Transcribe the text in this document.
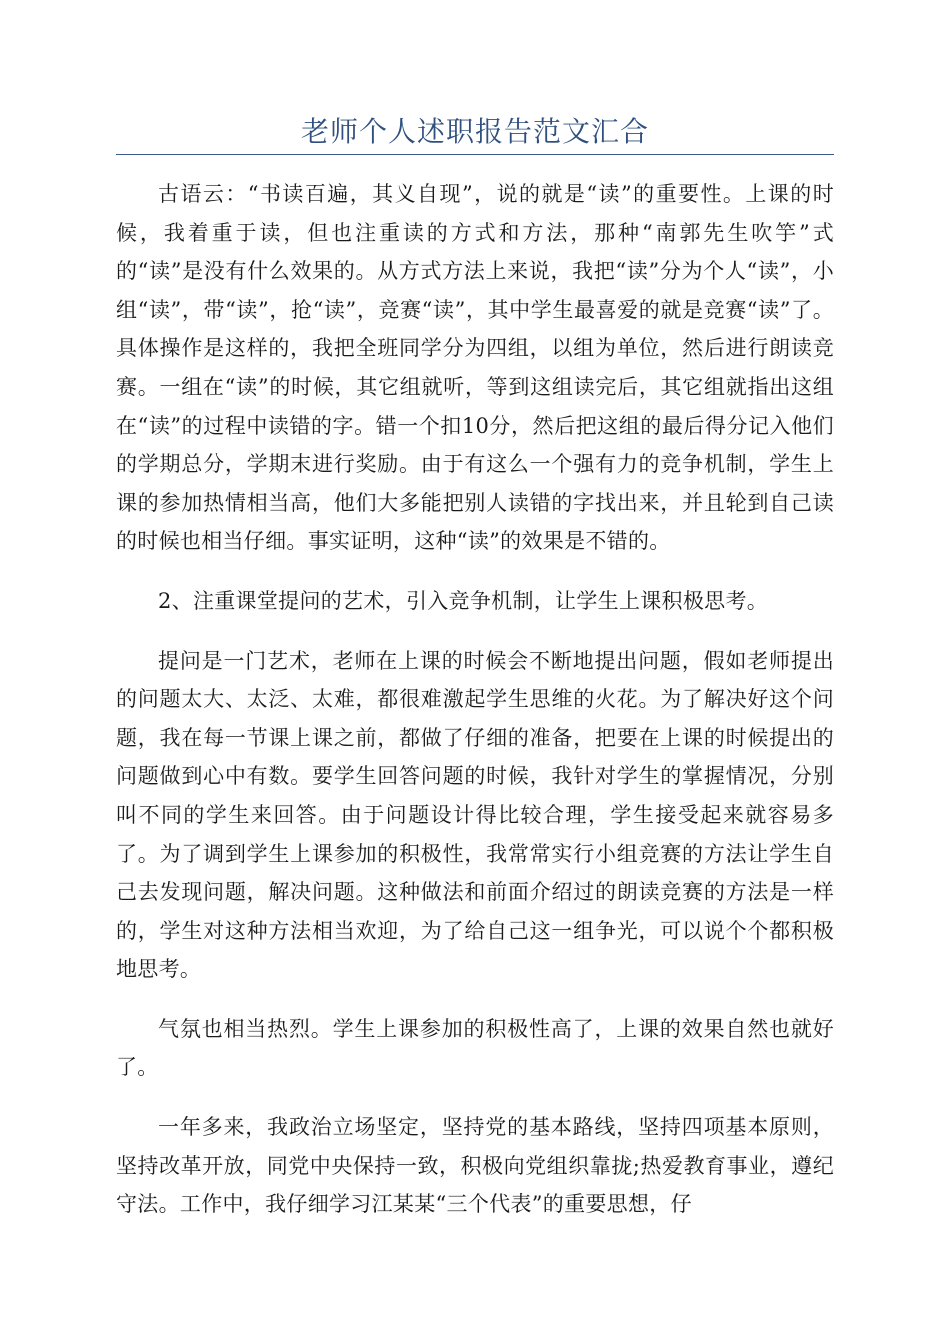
老师个人述职报告范文汇合

古语云：“书读百遍，其义自现”，说的就是“读”的重要性。上课的时候，我着重于读，但也注重读的方式和方法，那种“南郭先生吹竽”式的“读”是没有什么效果的。从方式方法上来说，我把“读”分为个人“读”，小组“读”，带“读”，抢“读”，竞赛“读”，其中学生最喜爱的就是竞赛“读”了。具体操作是这样的，我把全班同学分为四组，以组为单位，然后进行朗读竞赛。一组在“读”的时候，其它组就听，等到这组读完后，其它组就指出这组在“读”的过程中读错的字。错一个扣10分，然后把这组的最后得分记入他们的学期总分，学期末进行奖励。由于有这么一个强有力的竞争机制，学生上课的参加热情相当高，他们大多能把别人读错的字找出来，并且轮到自己读的时候也相当仔细。事实证明，这种“读”的效果是不错的。

2、注重课堂提问的艺术，引入竞争机制，让学生上课积极思考。

提问是一门艺术，老师在上课的时候会不断地提出问题，假如老师提出的问题太大、太泛、太难，都很难激起学生思维的火花。为了解决好这个问题，我在每一节课上课之前，都做了仔细的准备，把要在上课的时候提出的问题做到心中有数。要学生回答问题的时候，我针对学生的掌握情况，分别叫不同的学生来回答。由于问题设计得比较合理，学生接受起来就容易多了。为了调到学生上课参加的积极性，我常常实行小组竞赛的方法让学生自己去发现问题，解决问题。这种做法和前面介绍过的朗读竞赛的方法是一样的，学生对这种方法相当欢迎，为了给自己这一组争光，可以说个个都积极地思考。

气氛也相当热烈。学生上课参加的积极性高了，上课的效果自然也就好了。

一年多来，我政治立场坚定，坚持党的基本路线，坚持四项基本原则，坚持改革开放，同党中央保持一致，积极向党组织靠拢;热爱教育事业，遵纪守法。工作中，我仔细学习江某某“三个代表”的重要思想，仔
